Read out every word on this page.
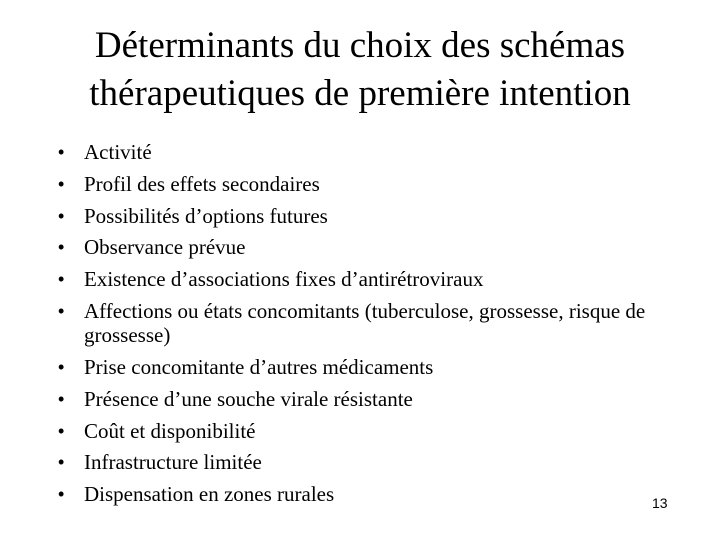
Déterminants du choix des schémas
thérapeutiques de première intention
• Activité
• Profil des effets secondaires
• Possibilités d’options futures
• Observance prévue
• Existence d’associations fixes d’antirétroviraux
• Affections ou états concomitants (tuberculose, grossesse, risque de grossesse)
• Prise concomitante d’autres médicaments
• Présence d’une souche virale résistante
• Coût et disponibilité
• Infrastructure limitée
• Dispensation en zones rurales	13
